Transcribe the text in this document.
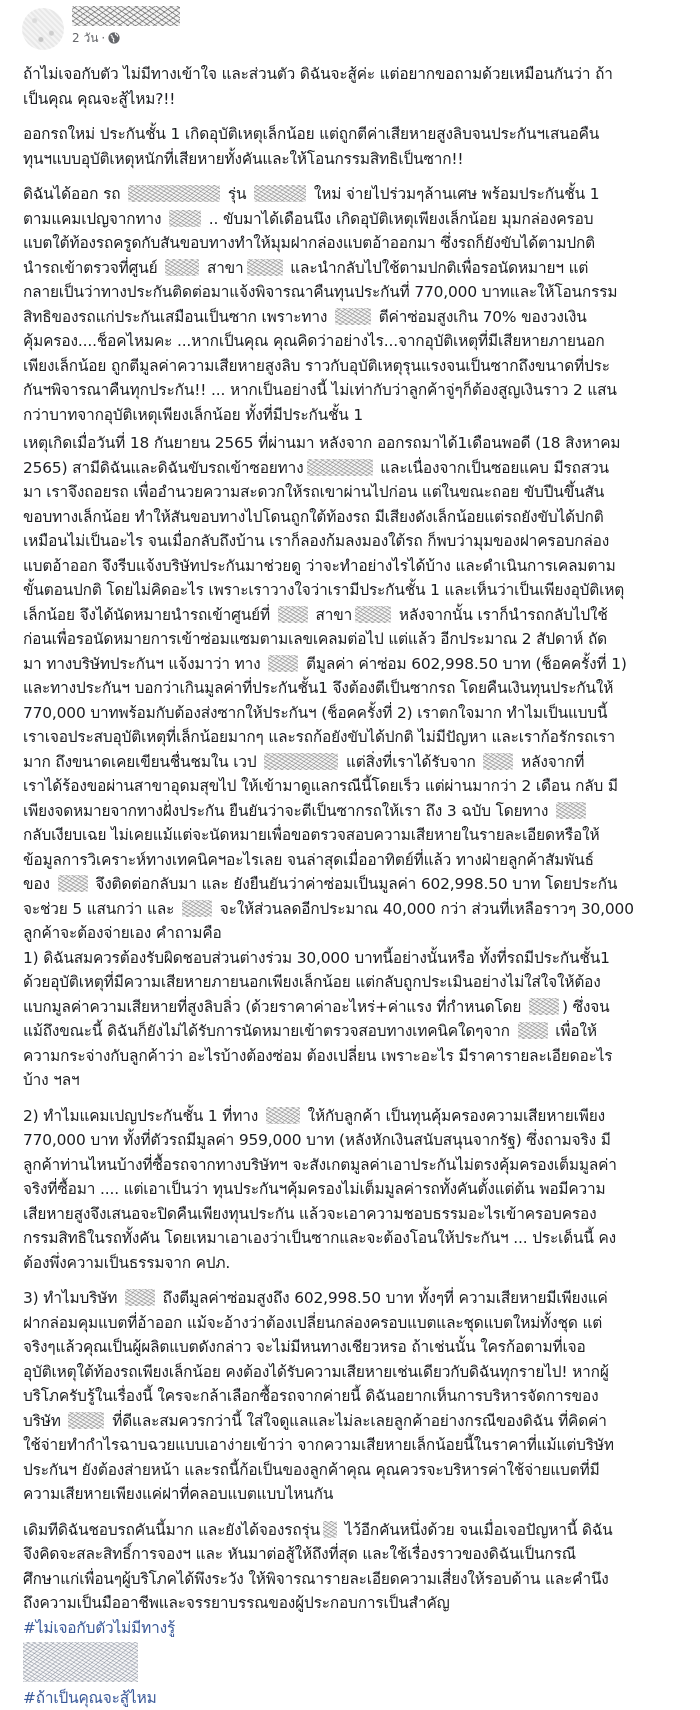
2 วัน ·
ถ้าไม่เจอกับตัว ไม่มีทางเข้าใจ และส่วนตัว ดิฉันจะสู้ค่ะ แต่อยากขอถามด้วยเหมือนกันว่า ถ้า
เป็นคุณ คุณจะสู้ไหม?!!
ออกรถใหม่ ประกันชั้น 1 เกิดอุบัติเหตุเล็กน้อย แต่ถูกตีค่าเสียหายสูงลิบจนประกันฯเสนอคืน
ทุนฯแบบอุบัติเหตุหนักที่เสียหายทั้งคันและให้โอนกรรมสิทธิเป็นซาก!!
ดิฉันได้ออก รถ	รุ่น	ใหม่ จ่ายไปร่วมๆล้านเศษ พร้อมประกันชั้น 1
ตามแคมเปญจากทาง  .. ขับมาได้เดือนนึง เกิดอุบัติเหตุเพียงเล็กน้อย มุมกล่องครอบ
แบตใต้ท้องรถครูดกับสันขอบทางทำให้มุมฝากล่องแบตอ้าออกมา ซึ่งรถก็ยังขับได้ตามปกติ
นำรถเข้าตรวจที่ศูนย์	สาขา	และนำกลับไปใช้ตามปกติเพื่อรอนัดหมายฯ แต่
กลายเป็นว่าทางประกันติดต่อมาแจ้งพิจารณาคืนทุนประกันที่ 770,000 บาทและให้โอนกรรม
สิทธิของรถแก่ประกันเสมือนเป็นซาก เพราะทาง	ตีค่าซ่อมสูงเกิน 70% ของวงเงิน
คุ้มครอง....ช็อคไหมคะ ...หากเป็นคุณ คุณคิดว่าอย่างไร...จากอุบัติเหตุที่มีเสียหายภายนอก
เพียงเล็กน้อย ถูกตีมูลค่าความเสียหายสูงลิบ ราวกับอุบัติเหตุรุนแรงจนเป็นซากถึงขนาดที่ประ
กันฯพิจารณาคืนทุกประกัน!! ... หากเป็นอย่างนี้ ไม่เท่ากับว่าลูกค้าจู่ๆก็ต้องสูญเงินราว 2 แสน
กว่าบาทจากอุบัติเหตุเพียงเล็กน้อย ทั้งที่มีประกันชั้น 1
เหตุเกิดเมื่อวันที่ 18 กันยายน 2565 ที่ผ่านมา หลังจาก ออกรถมาได้1เดือนพอดี (18 สิงหาคม
2565) สามีดิฉันและดิฉันขับรถเข้าซอยทาง	และเนื่องจากเป็นซอยแคบ มีรถสวน
มา เราจึงถอยรถ เพื่ออำนวยความสะดวกให้รถเขาผ่านไปก่อน แต่ในขณะถอย ขับปีนขึ้นสัน
ขอบทางเล็กน้อย ทำให้สันขอบทางไปโดนถูกใต้ท้องรถ มีเสียงดังเล็กน้อยแต่รถยังขับได้ปกติ
เหมือนไม่เป็นอะไร จนเมื่อกลับถึงบ้าน เราก็ลองก้มลงมองใต้รถ ก็พบว่ามุมของฝาครอบกล่อง
แบตอ้าออก จึงรีบแจ้งบริษัทประกันมาช่วยดู ว่าจะทำอย่างไรได้บ้าง และดำเนินการเคลมตาม
ขั้นตอนปกติ โดยไม่คิดอะไร เพราะเราวางใจว่าเรามีประกันชั้น 1 และเห็นว่าเป็นเพียงอุบัติเหตุ
เล็กน้อย จึงได้นัดหมายนำรถเข้าศูนย์ที่  สาขา	หลังจากนั้น เราก็นำรถกลับไปใช้
ก่อนเพื่อรอนัดหมายการเข้าซ่อมแซมตามเลขเคลมต่อไป แต่แล้ว อีกประมาณ 2 สัปดาห์ ถัด
มา ทางบริษัทประกันฯ แจ้งมาว่า ทาง  ตีมูลค่า ค่าซ่อม 602,998.50 บาท (ช็อคครั้งที่ 1)
และทางประกันฯ บอกว่าเกินมูลค่าที่ประกันชั้น1 จึงต้องตีเป็นซากรถ โดยคืนเงินทุนประกันให้
770,000 บาทพร้อมกับต้องส่งซากให้ประกันฯ (ช็อคครั้งที่ 2) เราตกใจมาก ทำไมเป็นแบบนี้
เราเจอประสบอุบัติเหตุที่เล็กน้อยมากๆ และรถก้อยังขับได้ปกติ ไม่มีปัญหา และเราก้อรักรถเรา
มาก ถึงขนาดเคยเขียนชื่นชมใน เวป	แต่สิ่งที่เราได้รับจาก  หลังจากที่
เราได้ร้องขอผ่านสาขาอุดมสุขไป ให้เข้ามาดูแลกรณีนี้โดยเร็ว แต่ผ่านมากว่า 2 เดือน กลับ มี
เพียงจดหมายจากทางฝั่งประกัน ยืนยันว่าจะตีเป็นซากรถให้เรา ถึง 3 ฉบับ โดยทาง
กลับเงียบเฉย ไม่เคยแม้แต่จะนัดหมายเพื่อขอตรวจสอบความเสียหายในรายละเอียดหรือให้
ข้อมูลการวิเคราะห์ทางเทคนิคฯอะไรเลย จนล่าสุดเมื่ออาทิตย์ที่แล้ว ทางฝ่ายลูกค้าสัมพันธ์
ของ  จึงติดต่อกลับมา และ ยังยืนยันว่าค่าซ่อมเป็นมูลค่า 602,998.50 บาท โดยประกัน
จะช่วย 5 แสนกว่า และ  จะให้ส่วนลดอีกประมาณ 40,000 กว่า ส่วนที่เหลือราวๆ 30,000
ลูกค้าจะต้องจ่ายเอง คำถามคือ
1) ดิฉันสมควรต้องรับผิดชอบส่วนต่างร่วม 30,000 บาทนี้อย่างนั้นหรือ ทั้งที่รถมีประกันชั้น1
ด้วยอุบัติเหตุที่มีความเสียหายภายนอกเพียงเล็กน้อย แต่กลับถูกประเมินอย่างไม่ใส่ใจให้ต้อง
แบกมูลค่าความเสียหายที่สูงลิบลิ่ว (ด้วยราคาค่าอะไหร่+ค่าแรง ที่กำหนดโดย ) ซึ่งจน
แม้ถึงขณะนี้ ดิฉันก็ยังไม่ได้รับการนัดหมายเข้าตรวจสอบทางเทคนิคใดๆจาก  เพื่อให้
ความกระจ่างกับลูกค้าว่า อะไรบ้างต้องซ่อม ต้องเปลี่ยน เพราะอะไร มีราคารายละเอียดอะไร
บ้าง ฯลฯ
2) ทำไมแคมเปญประกันชั้น 1 ที่ทาง	ให้กับลูกค้า เป็นทุนคุ้มครองความเสียหายเพียง
770,000 บาท ทั้งที่ตัวรถมีมูลค่า 959,000 บาท (หลังหักเงินสนับสนุนจากรัฐ) ซึ่งถามจริง มี
ลูกค้าท่านไหนบ้างที่ซื้อรถจากทางบริษัทฯ จะสังเกตมูลค่าเอาประกันไม่ตรงคุ้มครองเต็มมูลค่า
จริงที่ซื้อมา .... แต่เอาเป็นว่า ทุนประกันฯคุ้มครองไม่เต็มมูลค่ารถทั้งคันตั้งแต่ต้น พอมีความ
เสียหายสูงจึงเสนอจะปิดคืนเพียงทุนประกัน แล้วจะเอาความชอบธรรมอะไรเข้าครอบครอง
กรรมสิทธิในรถทั้งคัน โดยเหมาเอาเองว่าเป็นซากและจะต้องโอนให้ประกันฯ ... ประเด็นนี้ คง
ต้องพึ่งความเป็นธรรมจาก คปภ.
3) ทำไมบริษัท  ถึงตีมูลค่าซ่อมสูงถึง 602,998.50 บาท ทั้งๆที่ ความเสียหายมีเพียงแค่
ฝากล่อมคุมแบตที่อ้าออก แม้จะอ้างว่าต้องเปลี่ยนกล่องครอบแบตและชุดแบตใหม่ทั้งชุด แต่
จริงๆแล้วคุณเป็นผู้ผลิตแบตดังกล่าว จะไม่มีหนทางเชียวหรอ ถ้าเช่นนั้น ใครก้อตามที่เจอ
อุบัติเหตุใต้ท้องรถเพียงเล็กน้อย คงต้องได้รับความเสียหายเช่นเดียวกับดิฉันทุกรายไป! หากผู้
บริโภครับรู้ในเรื่องนี้ ใครจะกล้าเลือกซื้อรถจากค่ายนี้ ดิฉันอยากเห็นการบริหารจัดการของ
บริษัท	ที่ดีและสมควรกว่านี้ ใส่ใจดูแลและไม่ละเลยลูกค้าอย่างกรณีของดิฉัน ที่คิดค่า
ใช้จ่ายทำกำไรฉาบฉวยแบบเอาง่ายเข้าว่า จากความเสียหายเล็กน้อยนี้ในราคาที่แม้แต่บริษัท
ประกันฯ ยังต้องส่ายหน้า และรถนี้ก้อเป็นของลูกค้าคุณ คุณควรจะบริหารค่าใช้จ่ายแบตที่มี
ความเสียหายเพียงแค่ฝาที่คลอบแบตแบบไหนกัน
เดิมทีดิฉันชอบรถคันนี้มาก และยังได้จองรถรุ่น ไว้อีกคันหนึ่งด้วย จนเมื่อเจอปัญหานี้ ดิฉัน
จึงคิดจะสละสิทธิ์การจองฯ และ หันมาต่อสู้ให้ถึงที่สุด และใช้เรื่องราวของดิฉันเป็นกรณี
ศึกษาแก่เพื่อนๆผู้บริโภคได้พึงระวัง ให้พิจารณารายละเอียดความเสี่ยงให้รอบด้าน และคำนึง
ถึงความเป็นมืออาชีพและจรรยาบรรณของผู้ประกอบการเป็นสำคัญ
#ไม่เจอกับตัวไม่มีทางรู้
#ถ้าเป็นคุณจะสู้ไหม
